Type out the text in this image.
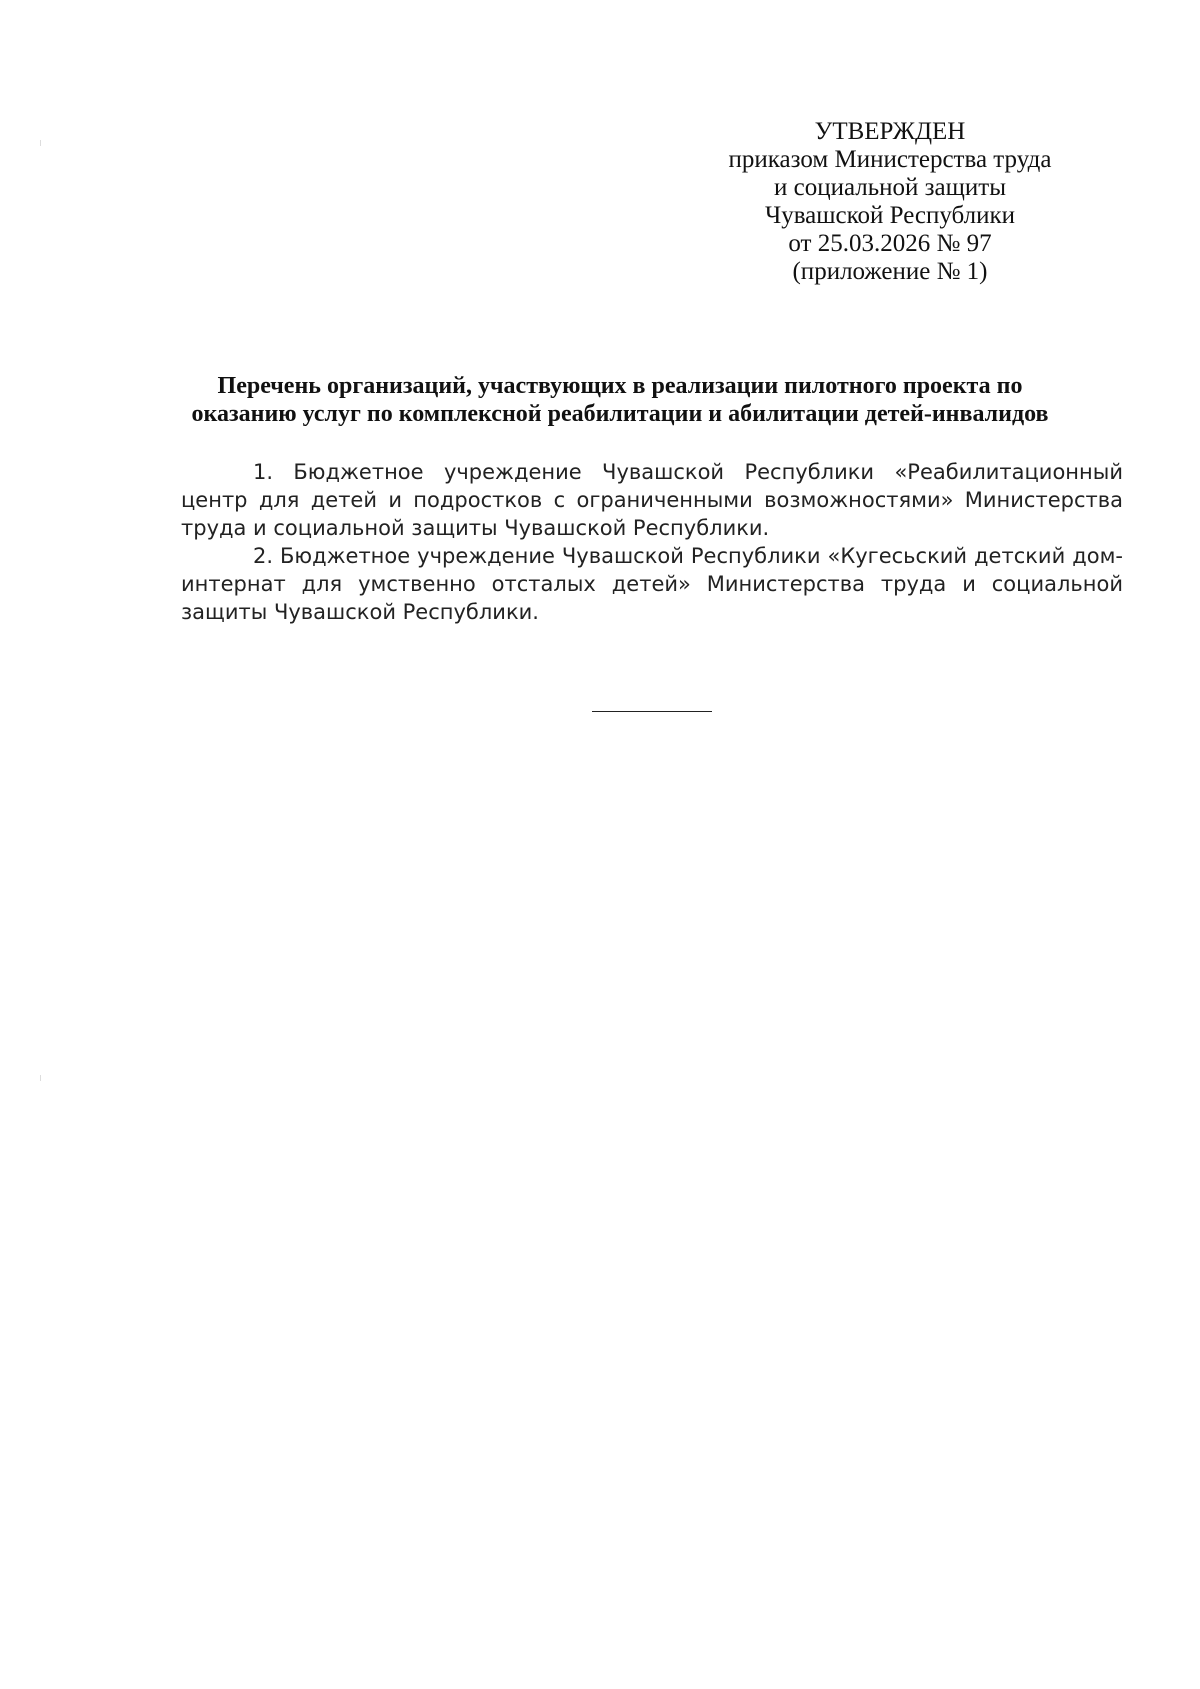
УТВЕРЖДЕН
приказом Министерства труда
и социальной защиты
Чувашской Республики
от 25.03.2026 № 97
(приложение № 1)
Перечень организаций, участвующих в реализации пилотного проекта по
оказанию услуг по комплексной реабилитации и абилитации детей-инвалидов

1. Бюджетное учреждение Чувашской Республики «Реабилитационный центр для детей и подростков с ограниченными возможностями» Министерства труда и социальной защиты Чувашской Республики.

2. Бюджетное учреждение Чувашской Республики «Кугесьский детский дом-интернат для умственно отсталых детей» Министерства труда и социальной защиты Чувашской Республики.
